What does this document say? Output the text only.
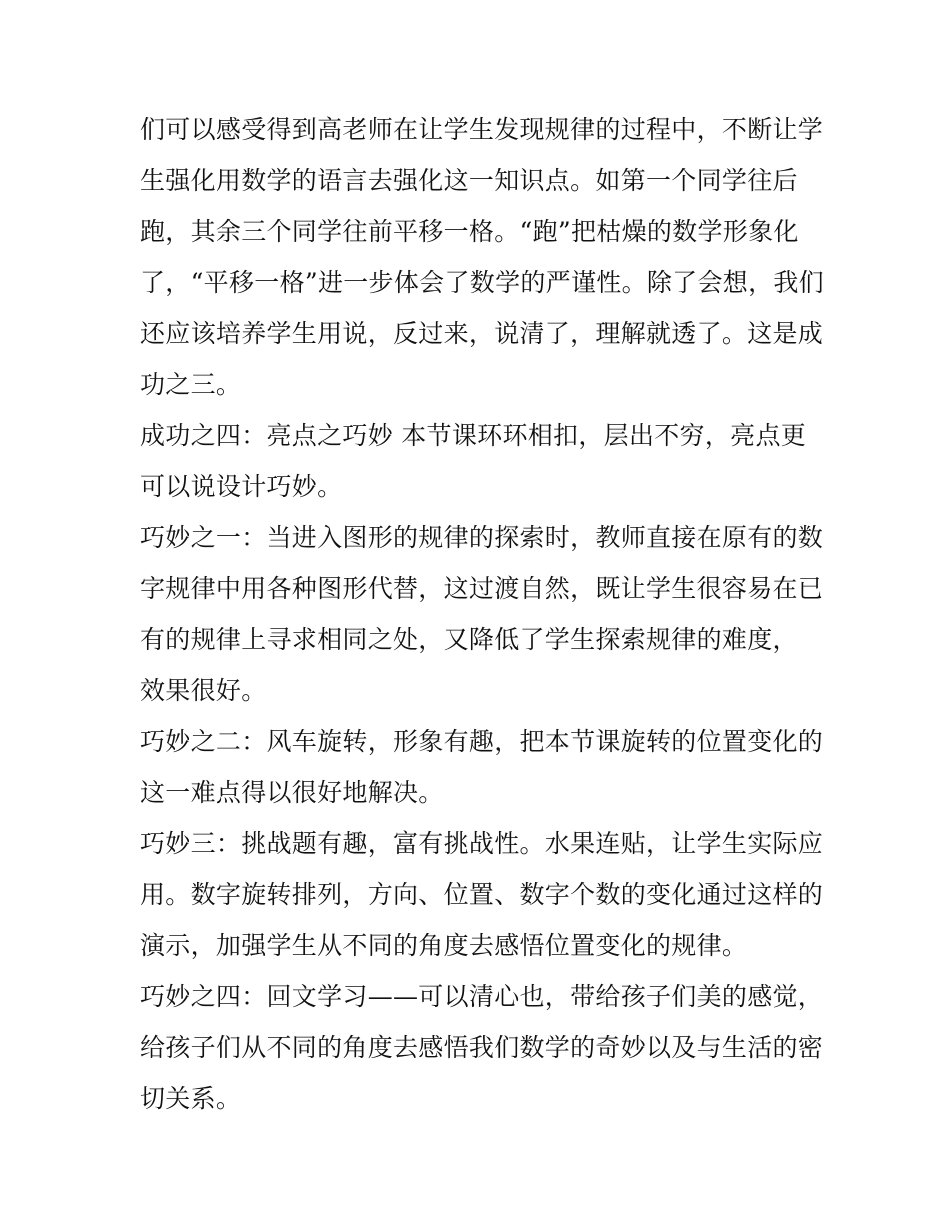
们可以感受得到高老师在让学生发现规律的过程中，不断让学
生强化用数学的语言去强化这一知识点。如第一个同学往后
跑，其余三个同学往前平移一格。“跑”把枯燥的数学形象化
了，“平移一格”进一步体会了数学的严谨性。除了会想，我们
还应该培养学生用说，反过来，说清了，理解就透了。这是成
功之三。
成功之四：亮点之巧妙 本节课环环相扣，层出不穷，亮点更
可以说设计巧妙。
巧妙之一：当进入图形的规律的探索时，教师直接在原有的数
字规律中用各种图形代替，这过渡自然，既让学生很容易在已
有的规律上寻求相同之处，又降低了学生探索规律的难度，
效果很好。
巧妙之二：风车旋转，形象有趣，把本节课旋转的位置变化的
这一难点得以很好地解决。
巧妙三：挑战题有趣，富有挑战性。水果连贴，让学生实际应
用。数字旋转排列，方向、位置、数字个数的变化通过这样的
演示，加强学生从不同的角度去感悟位置变化的规律。
巧妙之四：回文学习——可以清心也，带给孩子们美的感觉，
给孩子们从不同的角度去感悟我们数学的奇妙以及与生活的密
切关系。
